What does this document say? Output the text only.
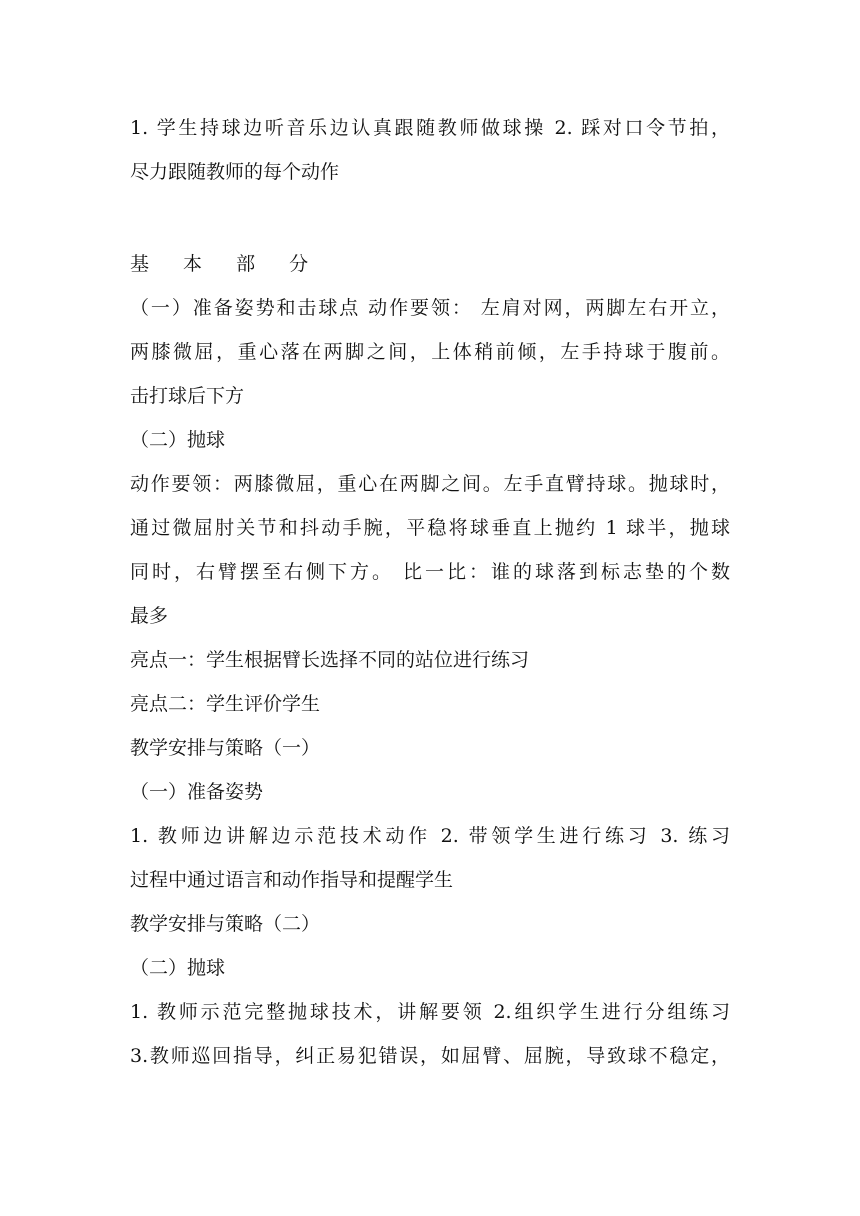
1. 学生持球边听音乐边认真跟随教师做球操 2. 踩对口令节拍，
尽力跟随教师的每个动作
基 本 部 分
（一）准备姿势和击球点 动作要领： 左肩对网，两脚左右开立，
两膝微屈，重心落在两脚之间，上体稍前倾，左手持球于腹前。
击打球后下方
（二）抛球
动作要领：两膝微屈，重心在两脚之间。左手直臂持球。抛球时，
通过微屈肘关节和抖动手腕，平稳将球垂直上抛约 1 球半，抛球
同时，右臂摆至右侧下方。 比一比：谁的球落到标志垫的个数
最多
亮点一：学生根据臂长选择不同的站位进行练习
亮点二：学生评价学生
教学安排与策略（一）
（一）准备姿势
1. 教师边讲解边示范技术动作 2. 带领学生进行练习 3. 练习
过程中通过语言和动作指导和提醒学生
教学安排与策略（二）
（二）抛球
1. 教师示范完整抛球技术，讲解要领 2.组织学生进行分组练习
3.教师巡回指导，纠正易犯错误，如屈臂、屈腕，导致球不稳定，
